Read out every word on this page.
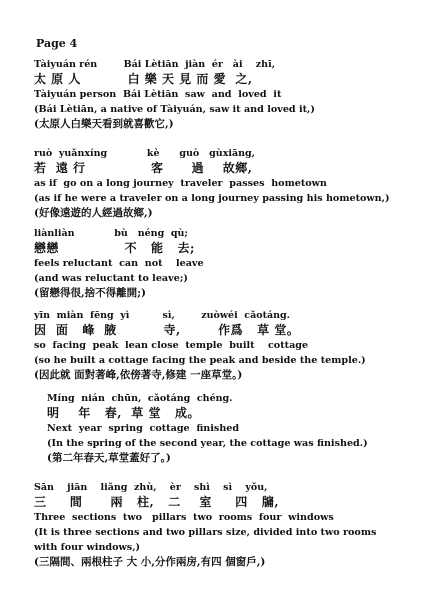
Page 4
Tàiyuán rén        Bái Lètiān  jiàn  ér   ài    zhī,
太 原 人          白 樂 天 見 而 愛  之,
Tàiyuán person  Bái Lètiān  saw  and  loved  it
(Bái Lètiān, a native of Tàiyuán, saw it and loved it,)
(太原人白樂天看到就喜歡它,)
ruò  yuǎnxíng            kè      guò   gùxiāng,
若  遠 行              客      過    故鄉,
as if  go on a long journey  traveler  passes  hometown
(as if he were a traveler on a long journey passing his hometown,)
(好像遠遊的人經過故鄉,)
liànliàn            bù   néng  qù;
戀戀              不   能   去;
feels reluctant  can  not    leave
(and was reluctant to leave;)
(留戀得很,捨不得離開;)
yīn  miàn  fēng  yì          sì,        zuòwéi  cǎotáng.
因  面   峰  腋          寺,        作爲   草 堂。
so  facing  peak  lean close  temple  built    cottage
(so he built a cottage facing the peak and beside the temple.)
(因此就 面對著峰,依傍著寺,修建 一座草堂。)
Míng  nián  chūn,  cǎotáng  chéng.
明    年   春,  草 堂   成。
Next  year  spring  cottage  finished
(In the spring of the second year, the cottage was finished.)
(第二年春天,草堂蓋好了。)
Sān    jiān    liǎng  zhù,    èr    shì    sì    yǒu,
三     間      兩   柱,   二    室     四   牖,
Three  sections  two   pillars  two  rooms  four  windows
(It is three sections and two pillars size, divided into two rooms with four windows,)
(三隔間、兩根柱子 大 小,分作兩房,有四 個窗戶,)
